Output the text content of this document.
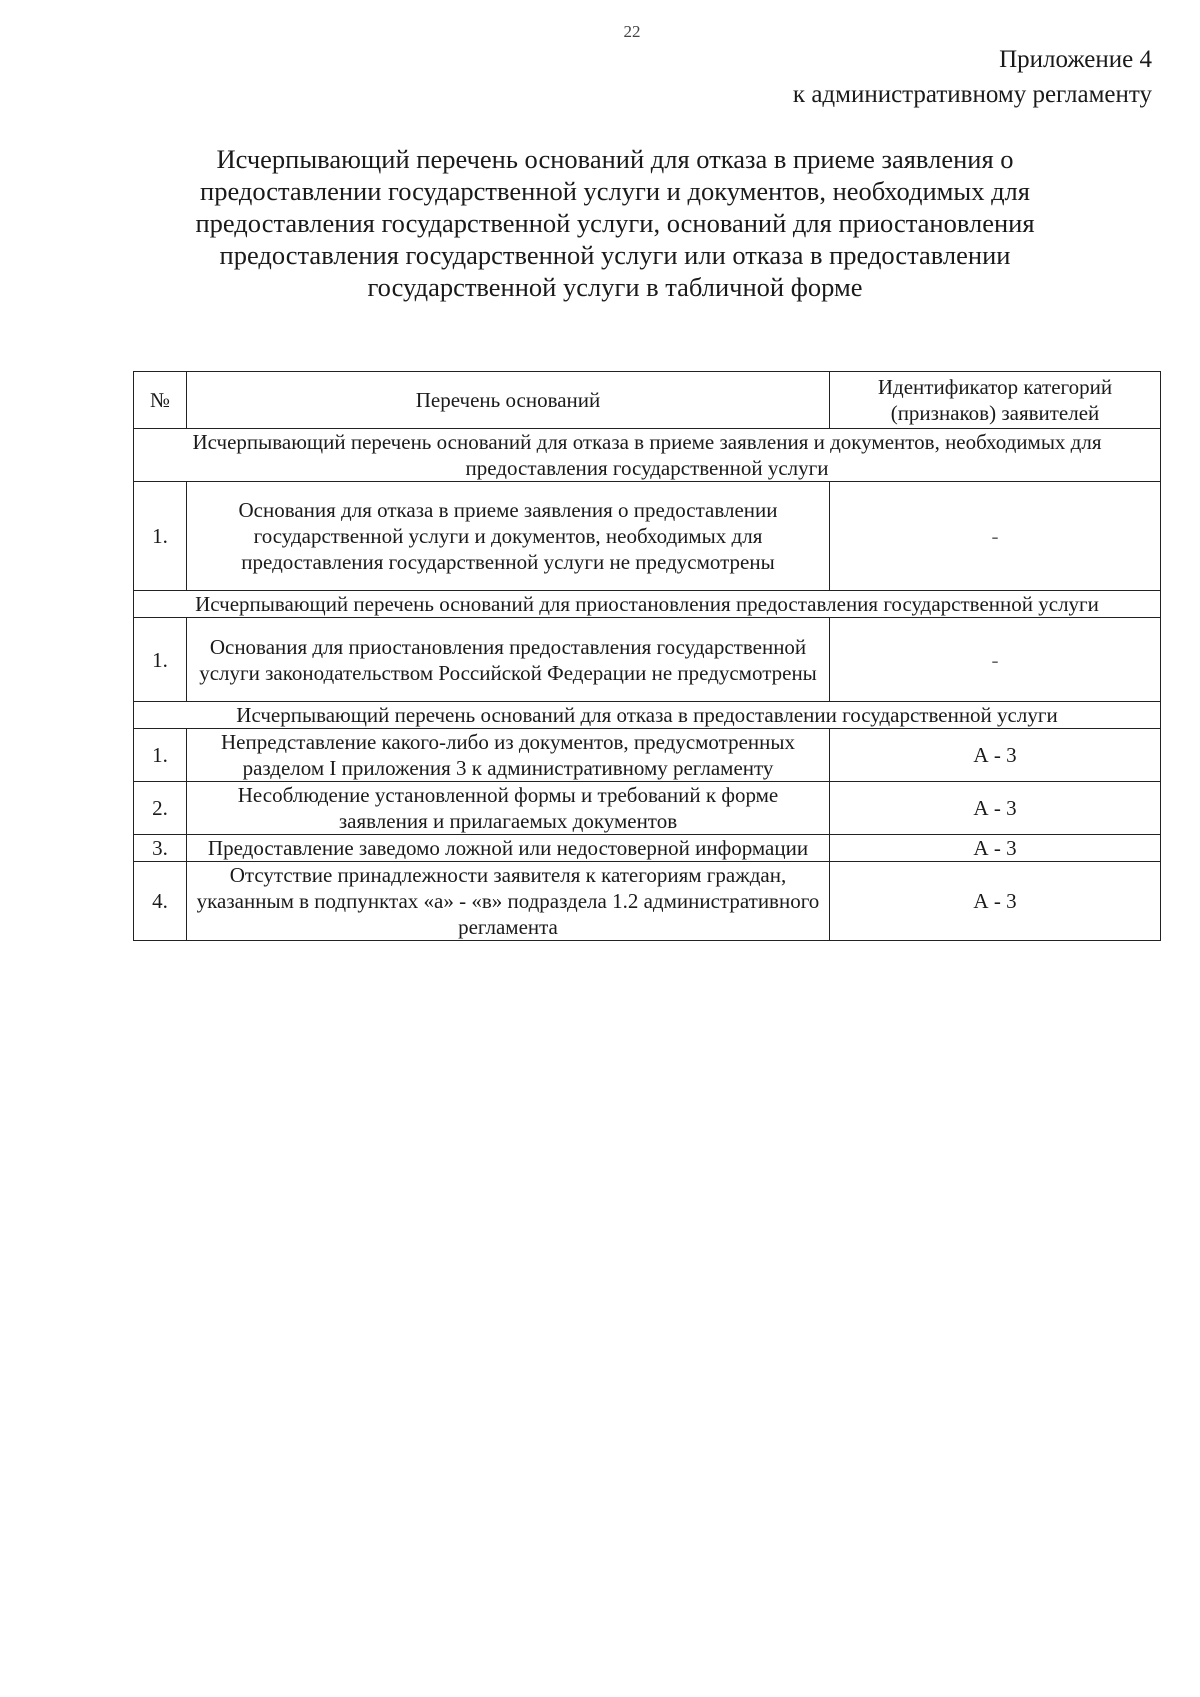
22
Приложение 4
к административному регламенту
Исчерпывающий перечень оснований для отказа в приеме заявления о
предоставлении государственной услуги и документов, необходимых для
предоставления государственной услуги, оснований для приостановления
предоставления государственной услуги или отказа в предоставлении
государственной услуги в табличной форме
№	Перечень оснований	Идентификатор категорий (признаков) заявителей
Исчерпывающий перечень оснований для отказа в приеме заявления и документов, необходимых для предоставления государственной услуги		
1.	Основания для отказа в приеме заявления о предоставлении государственной услуги и документов, необходимых для предоставления государственной услуги не предусмотрены	-
Исчерпывающий перечень оснований для приостановления предоставления государственной услуги		
1.	Основания для приостановления предоставления государственной услуги законодательством Российской Федерации не предусмотрены	-
Исчерпывающий перечень оснований для отказа в предоставлении государственной услуги		
1.	Непредставление какого-либо из документов, предусмотренных разделом I приложения 3 к административному регламенту	А - 3
2.	Несоблюдение установленной формы и требований к форме заявления и прилагаемых документов	А - 3
3.	Предоставление заведомо ложной или недостоверной информации	А - 3
4.	Отсутствие принадлежности заявителя к категориям граждан, указанным в подпунктах «а» - «в» подраздела 1.2 административного регламента	А - 3
